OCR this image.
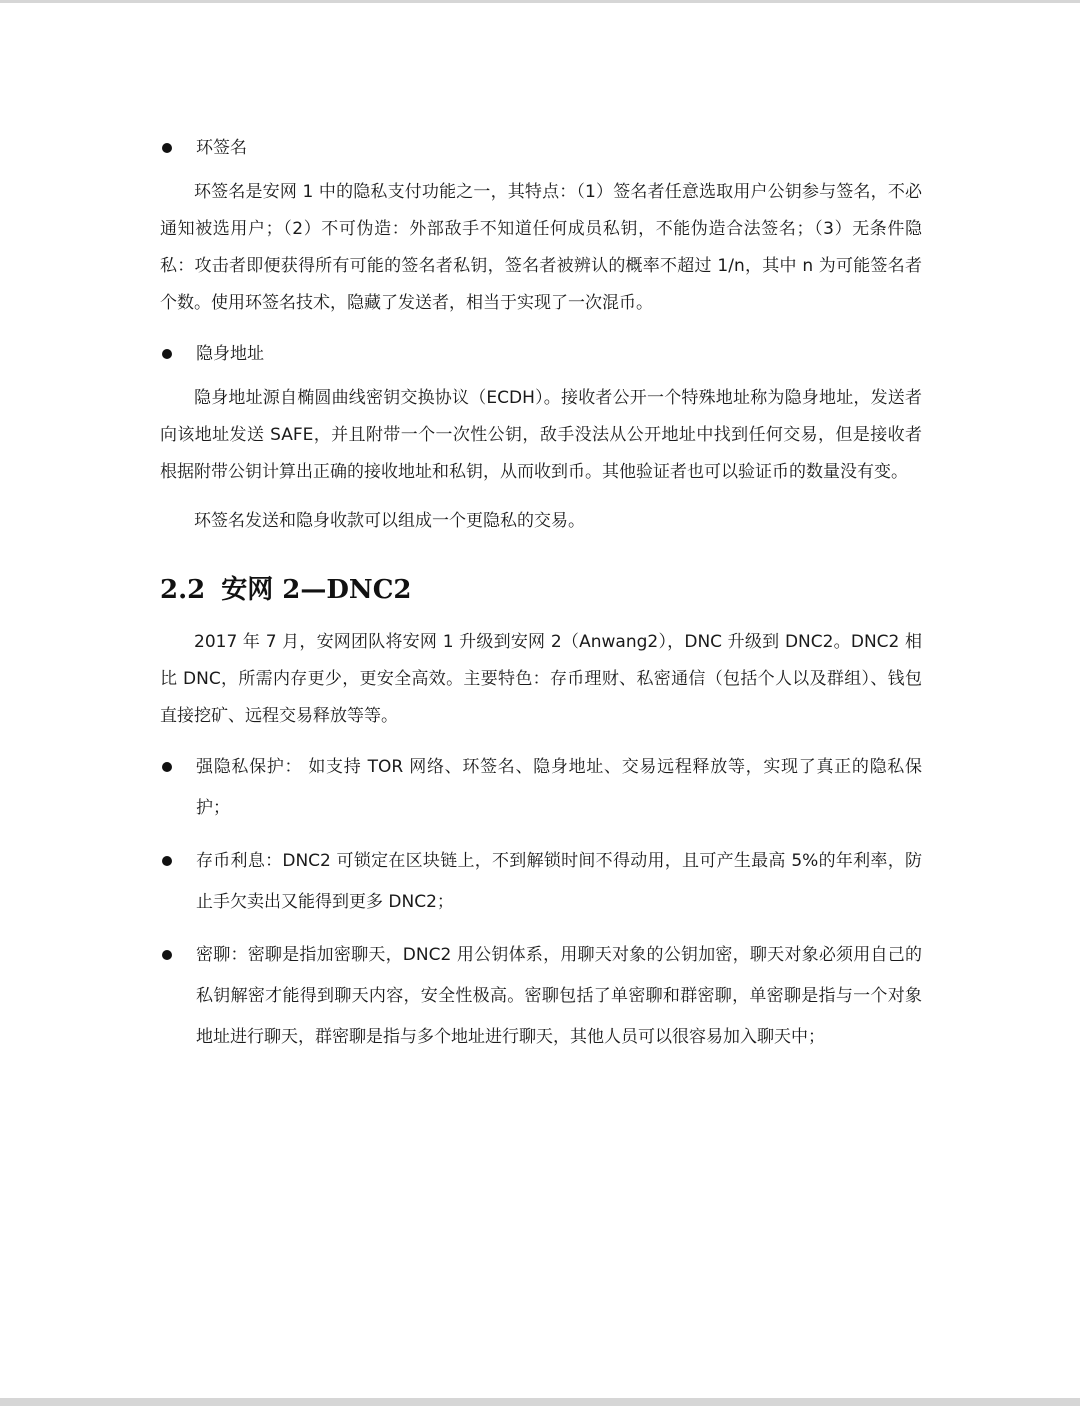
环签名

环签名是安网 1 中的隐私支付功能之一，其特点：（1）签名者任意选取用户公钥参与签名，不必通知被选用户；（2）不可伪造：外部敌手不知道任何成员私钥，不能伪造合法签名；（3）无条件隐私：攻击者即便获得所有可能的签名者私钥，签名者被辨认的概率不超过 1/n，其中 n 为可能签名者个数。使用环签名技术，隐藏了发送者，相当于实现了一次混币。

隐身地址

隐身地址源自椭圆曲线密钥交换协议（ECDH）。接收者公开一个特殊地址称为隐身地址，发送者向该地址发送 SAFE，并且附带一个一次性公钥，敌手没法从公开地址中找到任何交易，但是接收者根据附带公钥计算出正确的接收地址和私钥，从而收到币。其他验证者也可以验证币的数量没有变。

环签名发送和隐身收款可以组成一个更隐私的交易。

2.2 安网 2—DNC2

2017 年 7 月，安网团队将安网 1 升级到安网 2（Anwang2），DNC 升级到 DNC2。DNC2 相比 DNC，所需内存更少，更安全高效。主要特色：存币理财、私密通信（包括个人以及群组）、钱包直接挖矿、远程交易释放等等。

强隐私保护： 如支持 TOR 网络、环签名、隐身地址、交易远程释放等，实现了真正的隐私保护；
存币利息：DNC2 可锁定在区块链上，不到解锁时间不得动用，且可产生最高 5%的年利率，防止手欠卖出又能得到更多 DNC2；
密聊：密聊是指加密聊天，DNC2 用公钥体系，用聊天对象的公钥加密，聊天对象必须用自己的私钥解密才能得到聊天内容，安全性极高。密聊包括了单密聊和群密聊，单密聊是指与一个对象地址进行聊天，群密聊是指与多个地址进行聊天，其他人员可以很容易加入聊天中；
